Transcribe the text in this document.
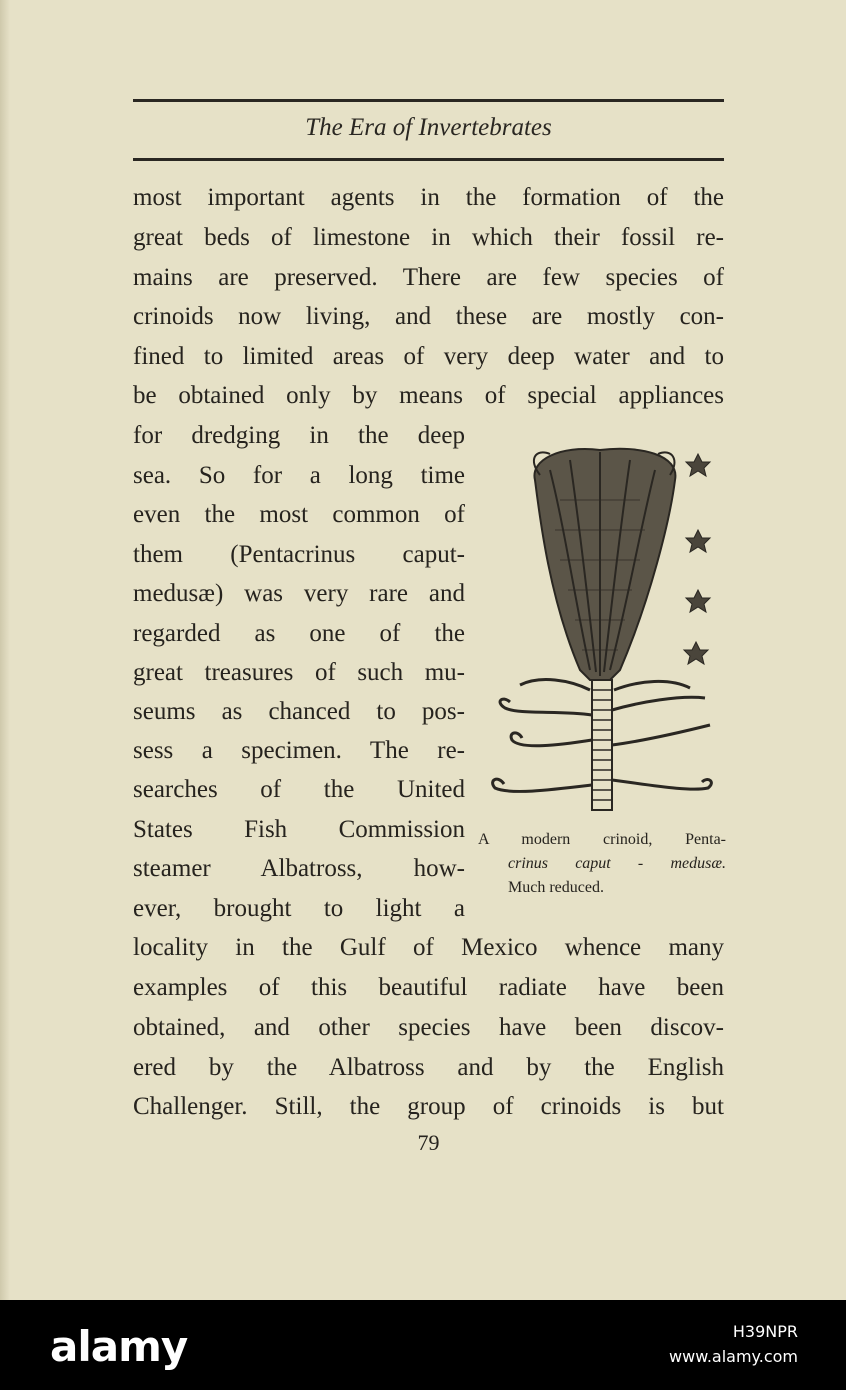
The Era of Invertebrates
most important agents in the formation of the
great beds of limestone in which their fossil re-
mains are preserved. There are few species of
crinoids now living, and these are mostly con-
fined to limited areas of very deep water and to
be obtained only by means of special appliances
for dredging in the deep
sea. So for a long time
even the most common of
them (Pentacrinus caput-
medusæ) was very rare and
regarded as one of the
great treasures of such mu-
seums as chanced to pos-
sess a specimen. The re-
searches of the United
States Fish Commission
steamer Albatross, how-
ever, brought to light a
A modern crinoid, Penta-
crinus caput - medusæ.
Much reduced.
locality in the Gulf of Mexico whence many
examples of this beautiful radiate have been
obtained, and other species have been discov-
ered by the Albatross and by the English
Challenger. Still, the group of crinoids is but
79
alamy	H39NPR
www.alamy.com
